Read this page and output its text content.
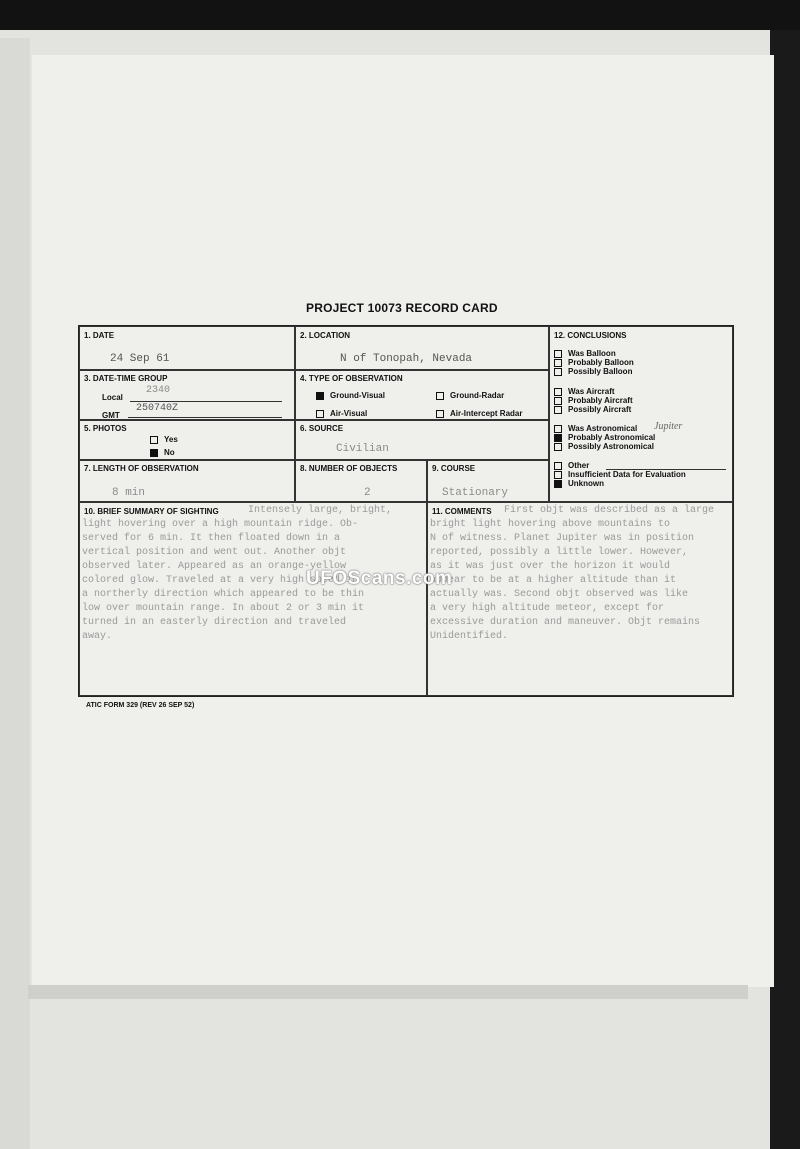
PROJECT 10073 RECORD CARD
1. DATE
24 Sep 61
2. LOCATION
N of Tonopah, Nevada
3. DATE-TIME GROUP
Local
2340
GMT
250740Z
4. TYPE OF OBSERVATION
Ground-Visual	Ground-Radar
Air-Visual	Air-Intercept Radar
5. PHOTOS
Yes
No
6. SOURCE
Civilian
7. LENGTH OF OBSERVATION
8 min
8. NUMBER OF OBJECTS
2
9. COURSE
Stationary
10. BRIEF SUMMARY OF SIGHTING	Intensely large, bright,
light hovering over a high mountain ridge. Ob-
served for 6 min. It then floated down in a
vertical position and went out. Another objt
observed later. Appeared as an orange-yellow
colored glow. Traveled at a very high speed in
a northerly direction which appeared to be thin
low over mountain range. In about 2 or 3 min it
turned in an easterly direction and traveled
away.
11. COMMENTS First objt was described as a large
bright light hovering above mountains to
N of witness. Planet Jupiter was in position
reported, possibly a little lower. However,
as it was just over the horizon it would
appear to be at a higher altitude than it
actually was. Second objt observed was like
a very high altitude meteor, except for
excessive duration and maneuver. Objt remains
Unidentified.
12. CONCLUSIONS
Was Balloon
Probably Balloon
Possibly Balloon
Was Aircraft
Probably Aircraft
Possibly Aircraft
Was Astronomical Jupiter
Probably Astronomical
Possibly Astronomical
Other
Insufficient Data for Evaluation
Unknown
ATIC FORM 329 (REV 26 SEP 52)
UFOScans.com
